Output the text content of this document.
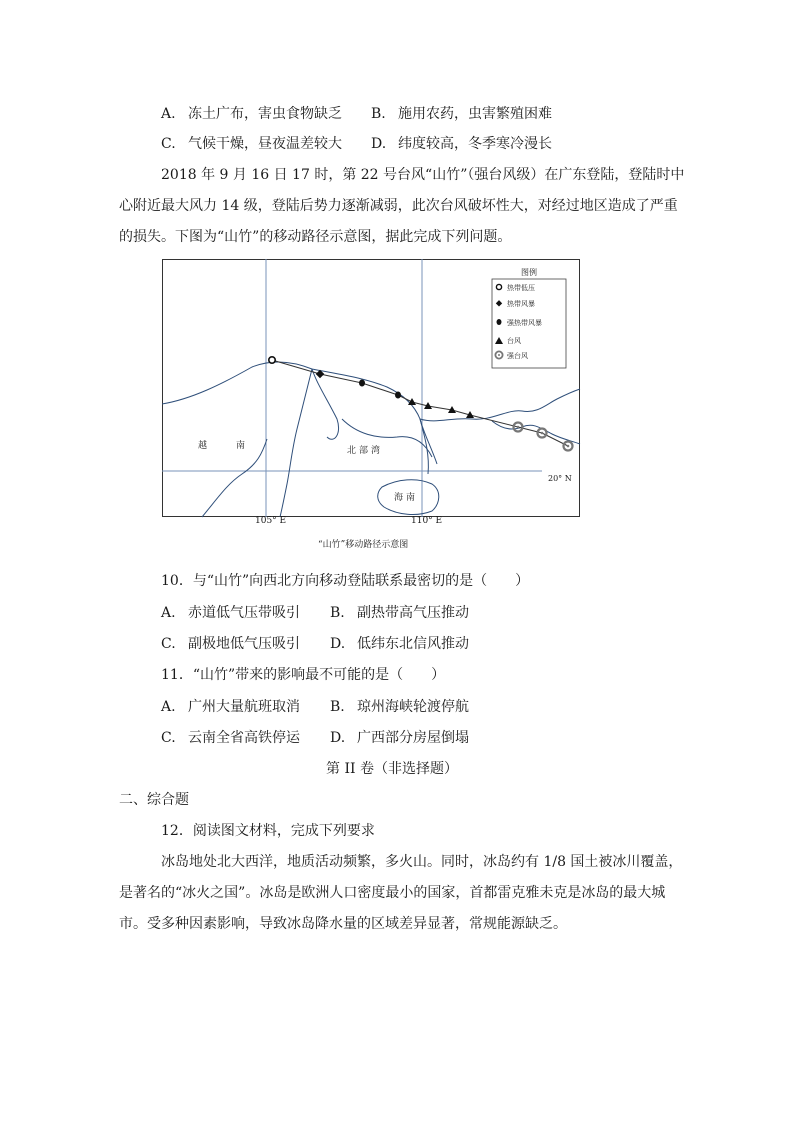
A. 冻土广布，害虫食物缺乏 B. 施用农药，虫害繁殖困难
C. 气候干燥，昼夜温差较大 D. 纬度较高，冬季寒冷漫长
2018 年 9 月 16 日 17 时，第 22 号台风“山竹”（强台风级）在广东登陆，登陆时中
心附近最大风力 14 级，登陆后势力逐渐减弱，此次台风破坏性大，对经过地区造成了严重
的损失。下图为“山竹”的移动路径示意图，据此完成下列问题。
图例
热带低压
热带风暴
强热带风暴
台风
强台风
越	南	北部湾
海南
20° N
105° E	110° E
“山竹”移动路径示意图
10．与“山竹”向西北方向移动登陆联系最密切的是（　　）
A. 赤道低气压带吸引 B. 副热带高气压推动
C. 副极地低气压吸引 D. 低纬东北信风推动
11．“山竹”带来的影响最不可能的是（　　）
A. 广州大量航班取消 B. 琼州海峡轮渡停航
C. 云南全省高铁停运 D. 广西部分房屋倒塌
第 II 卷（非选择题）
二、综合题
12．阅读图文材料，完成下列要求
冰岛地处北大西洋，地质活动频繁，多火山。同时，冰岛约有 1/8 国土被冰川覆盖，
是著名的“冰火之国”。冰岛是欧洲人口密度最小的国家，首都雷克雅未克是冰岛的最大城
市。受多种因素影响，导致冰岛降水量的区域差异显著，常规能源缺乏。
